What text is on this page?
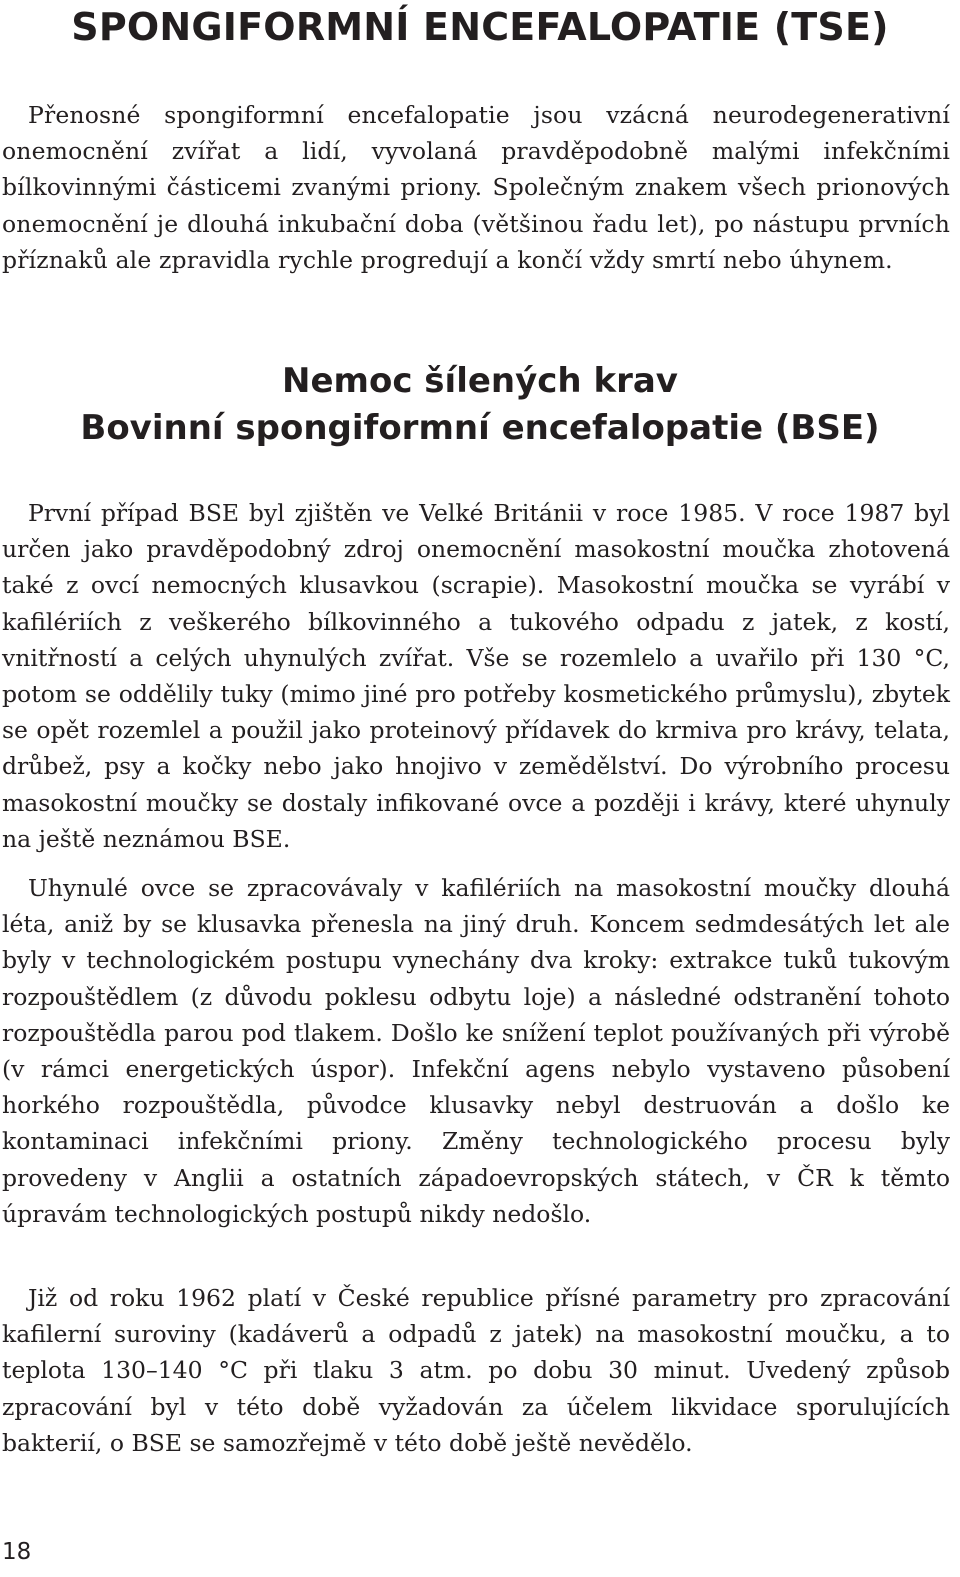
SPONGIFORMNÍ ENCEFALOPATIE (TSE)

Přenosné spongiformní encefalopatie jsou vzácná neurodegenerativní onemocnění zvířat a lidí, vyvolaná pravděpodobně malými infekčními bílkovinnými částicemi zvanými priony. Společným znakem všech prionových onemocnění je dlouhá inkubační doba (většinou řadu let), po nástupu prvních příznaků ale zpravidla rychle progredují a končí vždy smrtí nebo úhynem.

Nemoc šílených krav
Bovinní spongiformní encefalopatie (BSE)

První případ BSE byl zjištěn ve Velké Británii v roce 1985. V roce 1987 byl určen jako pravděpodobný zdroj onemocnění masokostní moučka zhotovená také z ovcí nemocných klusavkou (scrapie). Masokostní moučka se vyrábí v kafilériích z veškerého bílkovinného a tukového odpadu z jatek, z kostí, vnitřností a celých uhynulých zvířat. Vše se rozemlelo a uvařilo při 130 °C, potom se oddělily tuky (mimo jiné pro potřeby kosmetického průmyslu), zbytek se opět rozemlel a použil jako proteinový přídavek do krmiva pro krávy, telata, drůbež, psy a kočky nebo jako hnojivo v zemědělství. Do výrobního procesu masokostní moučky se dostaly infikované ovce a později i krávy, které uhynuly na ještě neznámou BSE.

Uhynulé ovce se zpracovávaly v kafilériích na masokostní moučky dlouhá léta, aniž by se klusavka přenesla na jiný druh. Koncem sedmdesátých let ale byly v technologickém postupu vynechány dva kroky: extrakce tuků tukovým rozpouštědlem (z důvodu poklesu odbytu loje) a následné odstranění tohoto rozpouštědla parou pod tlakem. Došlo ke snížení teplot používaných při výrobě (v rámci energetických úspor). Infekční agens nebylo vystaveno působení horkého rozpouštědla, původce klusavky nebyl destruován a došlo ke kontaminaci infekčními priony. Změny technologického procesu byly provedeny v Anglii a ostatních západoevropských státech, v ČR k těmto úpravám technologických postupů nikdy nedošlo.

Již od roku 1962 platí v České republice přísné parametry pro zpracování kafilerní suroviny (kadáverů a odpadů z jatek) na masokostní moučku, a to teplota 130–140 °C při tlaku 3 atm. po dobu 30 minut. Uvedený způsob zpracování byl v této době vyžadován za účelem likvidace sporulujících bakterií, o BSE se samozřejmě v této době ještě nevědělo.

18
